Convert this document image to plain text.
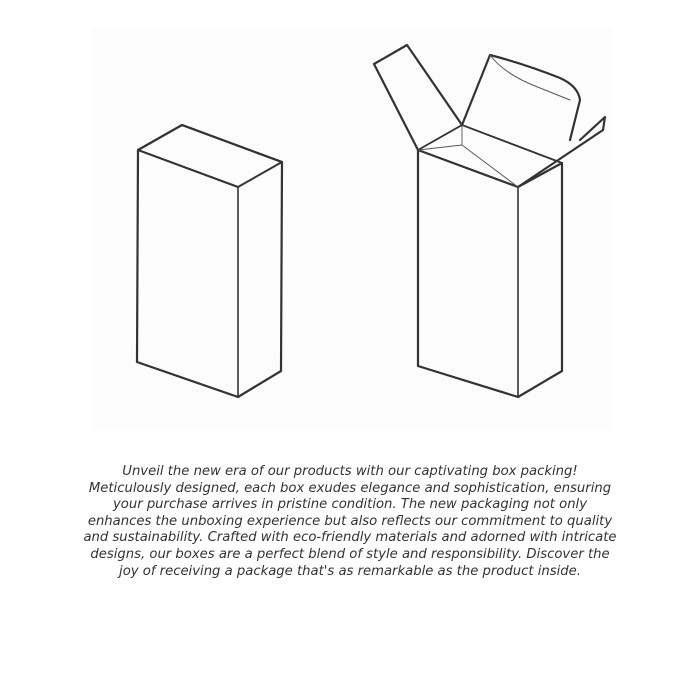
Unveil the new era of our products with our captivating box packing! Meticulously designed, each box exudes elegance and sophistication, ensuring your purchase arrives in pristine condition. The new packaging not only enhances the unboxing experience but also reflects our commitment to quality and sustainability. Crafted with eco-friendly materials and adorned with intricate designs, our boxes are a perfect blend of style and responsibility. Discover the joy of receiving a package that's as remarkable as the product inside.
